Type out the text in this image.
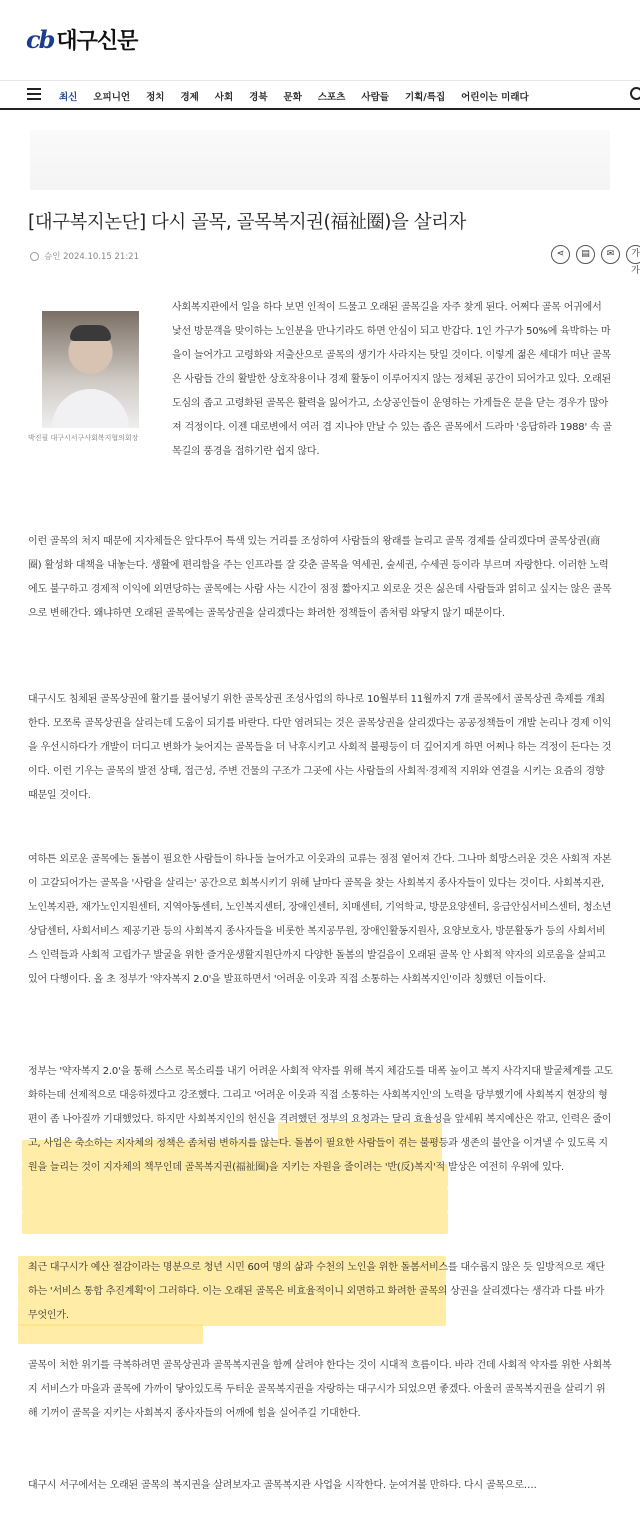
cb 대구신문
최신 오피니언 정치 경제 사회 경북 문화 스포츠 사람들 기획/특집 어린이는 미래다
[대구복지논단] 다시 골목, 골목복지권(福祉圈)을 살리자
승인 2024.10.15 21:21	⋖	▤	✉	가가
박진필 대구시서구사회복지협의회장

사회복지관에서 일을 하다 보면 인적이 드물고 오래된 골목길을 자주 찾게 된다. 어쩌다 골목 어귀에서 낯선 방문객을 맞이하는 노인분을 만나기라도 하면 안심이 되고 반갑다. 1인 가구가 50%에 육박하는 마을이 늘어가고 고령화와 저출산으로 골목의 생기가 사라지는 탓일 것이다. 이렇게 젊은 세대가 떠난 골목은 사람들 간의 활발한 상호작용이나 경제 활동이 이루어지지 않는 정체된 공간이 되어가고 있다. 오래된 도심의 좁고 고령화된 골목은 활력을 잃어가고, 소상공인들이 운영하는 가게들은 문을 닫는 경우가 많아져 걱정이다. 이젠 대로변에서 여러 겹 지나야 만날 수 있는 좁은 골목에서 드라마 '응답하라 1988' 속 골목길의 풍경을 접하기란 쉽지 않다.

이런 골목의 처지 때문에 지자체들은 앞다투어 특색 있는 거리를 조성하여 사람들의 왕래를 늘리고 골목 경제를 살리겠다며 골목상권(商圈) 활성화 대책을 내놓는다. 생활에 편리함을 주는 인프라를 잘 갖춘 골목을 역세권, 숲세권, 수세권 등이라 부르며 자랑한다. 이러한 노력에도 불구하고 경제적 이익에 외면당하는 골목에는 사람 사는 시간이 점점 짧아지고 외로운 것은 싫은데 사람들과 얽히고 싶지는 않은 골목으로 변해간다. 왜냐하면 오래된 골목에는 골목상권을 살리겠다는 화려한 정책들이 좀처럼 와닿지 않기 때문이다.

대구시도 침체된 골목상권에 활기를 불어넣기 위한 골목상권 조성사업의 하나로 10월부터 11월까지 7개 골목에서 골목상권 축제를 개최한다. 모쪼록 골목상권을 살리는데 도움이 되기를 바란다. 다만 염려되는 것은 골목상권을 살리겠다는 공공정책들이 개발 논리나 경제 이익을 우선시하다가 개발이 더디고 변화가 늦어지는 골목들을 더 낙후시키고 사회적 불평등이 더 깊어지게 하면 어쩌나 하는 걱정이 든다는 것이다. 이런 기우는 골목의 발전 상태, 접근성, 주변 건물의 구조가 그곳에 사는 사람들의 사회적·경제적 지위와 연결을 시키는 요즘의 경향 때문일 것이다.

여하튼 외로운 골목에는 돌봄이 필요한 사람들이 하나둘 늘어가고 이웃과의 교류는 점점 옅어져 간다. 그나마 희망스러운 것은 사회적 자본이 고갈되어가는 골목을 '사람을 살리는' 공간으로 회복시키기 위해 날마다 골목을 찾는 사회복지 종사자들이 있다는 것이다. 사회복지관, 노인복지관, 재가노인지원센터, 지역아동센터, 노인복지센터, 장애인센터, 치매센터, 기억학교, 방문요양센터, 응급안심서비스센터, 청소년상담센터, 사회서비스 제공기관 등의 사회복지 종사자들을 비롯한 복지공무원, 장애인활동지원사, 요양보호사, 방문활동가 등의 사회서비스 인력들과 사회적 고립가구 발굴을 위한 즐거운생활지원단까지 다양한 돌봄의 발걸음이 오래된 골목 안 사회적 약자의 외로움을 살피고 있어 다행이다. 올 초 정부가 '약자복지 2.0'을 발표하면서 '어려운 이웃과 직접 소통하는 사회복지인'이라 칭했던 이들이다.

정부는 '약자복지 2.0'을 통해 스스로 목소리를 내기 어려운 사회적 약자를 위해 복지 체감도를 대폭 높이고 복지 사각지대 발굴체계를 고도화하는데 선제적으로 대응하겠다고 강조했다. 그리고 '어려운 이웃과 직접 소통하는 사회복지인'의 노력을 당부했기에 사회복지 현장의 형편이 좀 나아질까 기대했었다. 하지만 사회복지인의 헌신을 격려했던 정부의 요청과는 달리 효율성을 앞세워 복지예산은 깎고, 인력은 줄이고, 사업은 축소하는 지자체의 정책은 좀처럼 변하지를 않는다. 돌봄이 필요한 사람들이 겪는 불평등과 생존의 불안을 이겨낼 수 있도록 지원을 늘리는 것이 지자체의 책무인데 골목복지권(福祉圈)을 지키는 자원을 줄이려는 '반(反)복지'적 발상은 여전히 우위에 있다.

최근 대구시가 예산 절감이라는 명분으로 청년 시민 60여 명의 삶과 수천의 노인을 위한 돌봄서비스를 대수롭지 않은 듯 일방적으로 재단하는 '서비스 통합 추진계획'이 그러하다. 이는 오래된 골목은 비효율적이니 외면하고 화려한 골목의 상권을 살리겠다는 생각과 다를 바가 무엇인가.

골목이 처한 위기를 극복하려면 골목상권과 골목복지권을 함께 살려야 한다는 것이 시대적 흐름이다. 바라 건데 사회적 약자를 위한 사회복지 서비스가 마을과 골목에 가까이 닿아있도록 두터운 골목복지권을 자랑하는 대구시가 되었으면 좋겠다. 아울러 골목복지권을 살리기 위해 기꺼이 골목을 지키는 사회복지 종사자들의 어깨에 힘을 실어주길 기대한다.

대구시 서구에서는 오래된 골목의 복지권을 살려보자고 골목복지관 사업을 시작한다. 눈여겨볼 만하다. 다시 골목으로….
